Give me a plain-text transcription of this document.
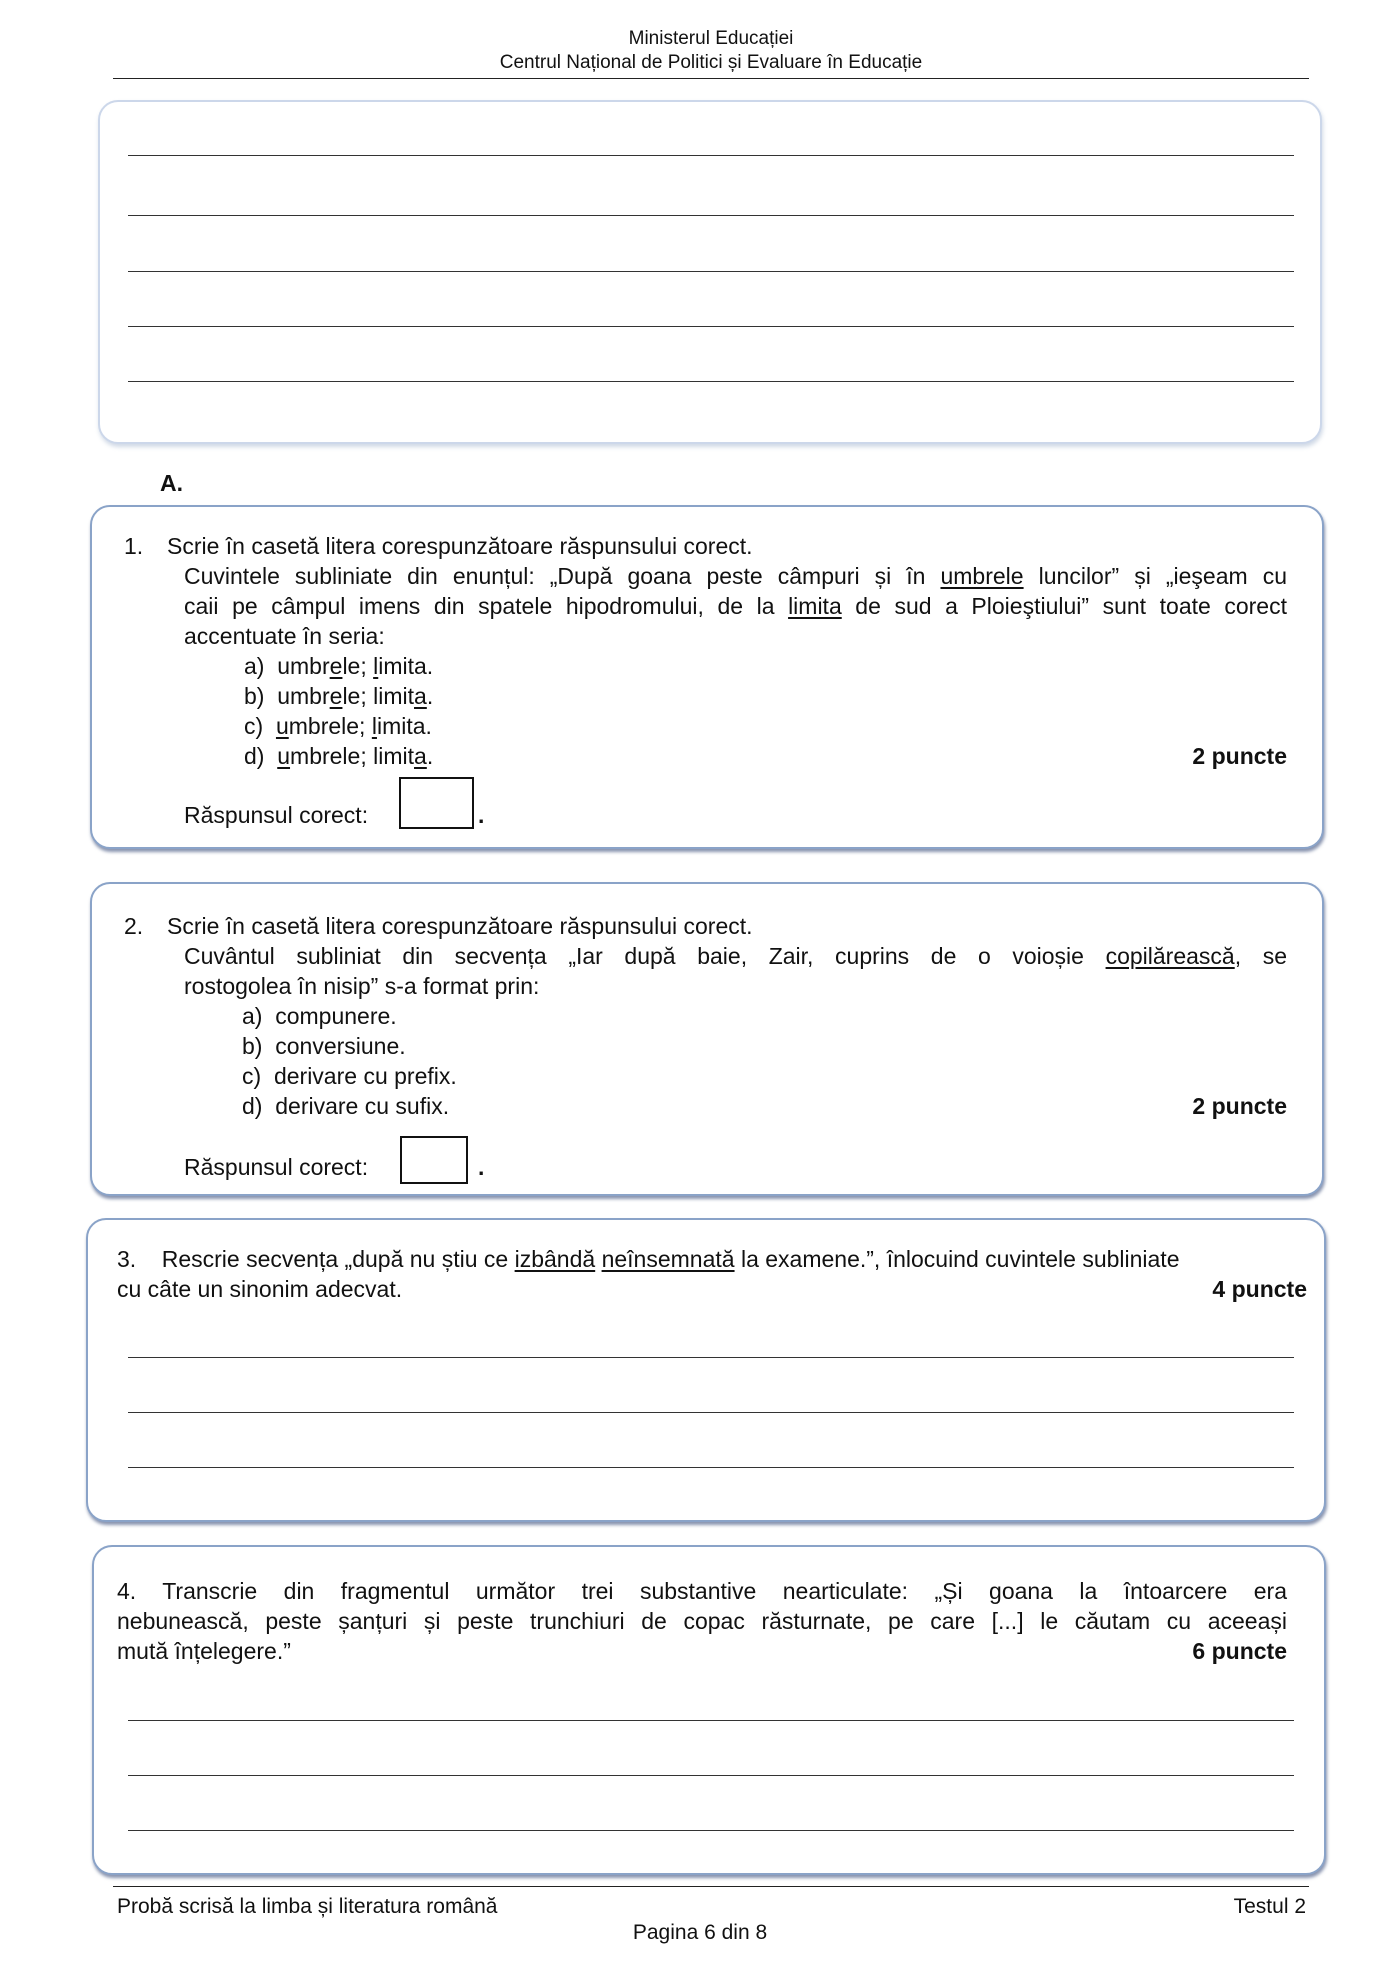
Ministerul Educației
Centrul Național de Politici și Evaluare în Educație
A.
1. Scrie în casetă litera corespunzătoare răspunsului corect.
Cuvintele subliniate din enunțul: „După goana peste câmpuri și în umbrele luncilor” și „ieşeam cu
caii pe câmpul imens din spatele hipodromului, de la limita de sud a Ploieştiului” sunt toate corect
accentuate în seria:
a) umbrele; limita.
b) umbrele; limita.
c) umbrele; limita.
d) umbrele; limita.	2 puncte
Răspunsul corect:	.
2. Scrie în casetă litera corespunzătoare răspunsului corect.
Cuvântul subliniat din secvența „Iar după baie, Zair, cuprins de o voioșie copilărească, se
rostogolea în nisip” s-a format prin:
a) compunere.
b) conversiune.
c) derivare cu prefix.
d) derivare cu sufix.	2 puncte
Răspunsul corect:	.
3. Rescrie secvența „după nu știu ce izbândă neînsemnată la examene.”, înlocuind cuvintele subliniate
cu câte un sinonim adecvat.	4 puncte
4. Transcrie din fragmentul următor trei substantive nearticulate: „Și goana la întoarcere era
nebunească, peste șanțuri și peste trunchiuri de copac răsturnate, pe care [...] le căutam cu aceeași
mută înțelegere.”	6 puncte
Probă scrisă la limba și literatura română	Testul 2
Pagina 6 din 8
